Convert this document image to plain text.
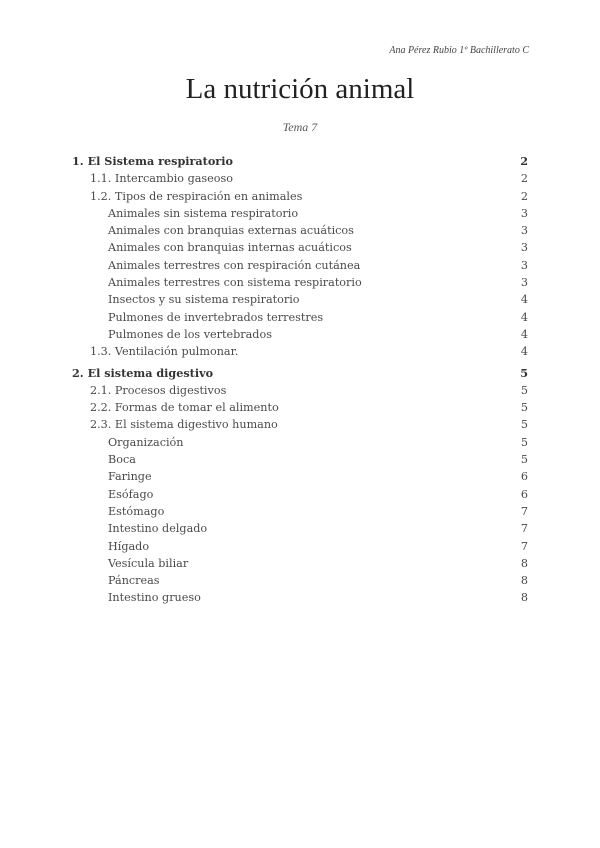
Ana Pérez Rubio 1º Bachillerato C
La nutrición animal
Tema 7
1. El Sistema respiratorio	2
1.1. Intercambio gaseoso	2
1.2. Tipos de respiración en animales	2
Animales sin sistema respiratorio	3
Animales con branquias externas acuáticos	3
Animales con branquias internas acuáticos	3
Animales terrestres con respiración cutánea	3
Animales terrestres con sistema respiratorio	3
Insectos y su sistema respiratorio	4
Pulmones de invertebrados terrestres	4
Pulmones de los vertebrados	4
1.3. Ventilación pulmonar.	4
2. El sistema digestivo	5
2.1. Procesos digestivos	5
2.2. Formas de tomar el alimento	5
2.3. El sistema digestivo humano	5
Organización	5
Boca	5
Faringe	6
Esófago	6
Estómago	7
Intestino delgado	7
Hígado	7
Vesícula biliar	8
Páncreas	8
Intestino grueso	8
